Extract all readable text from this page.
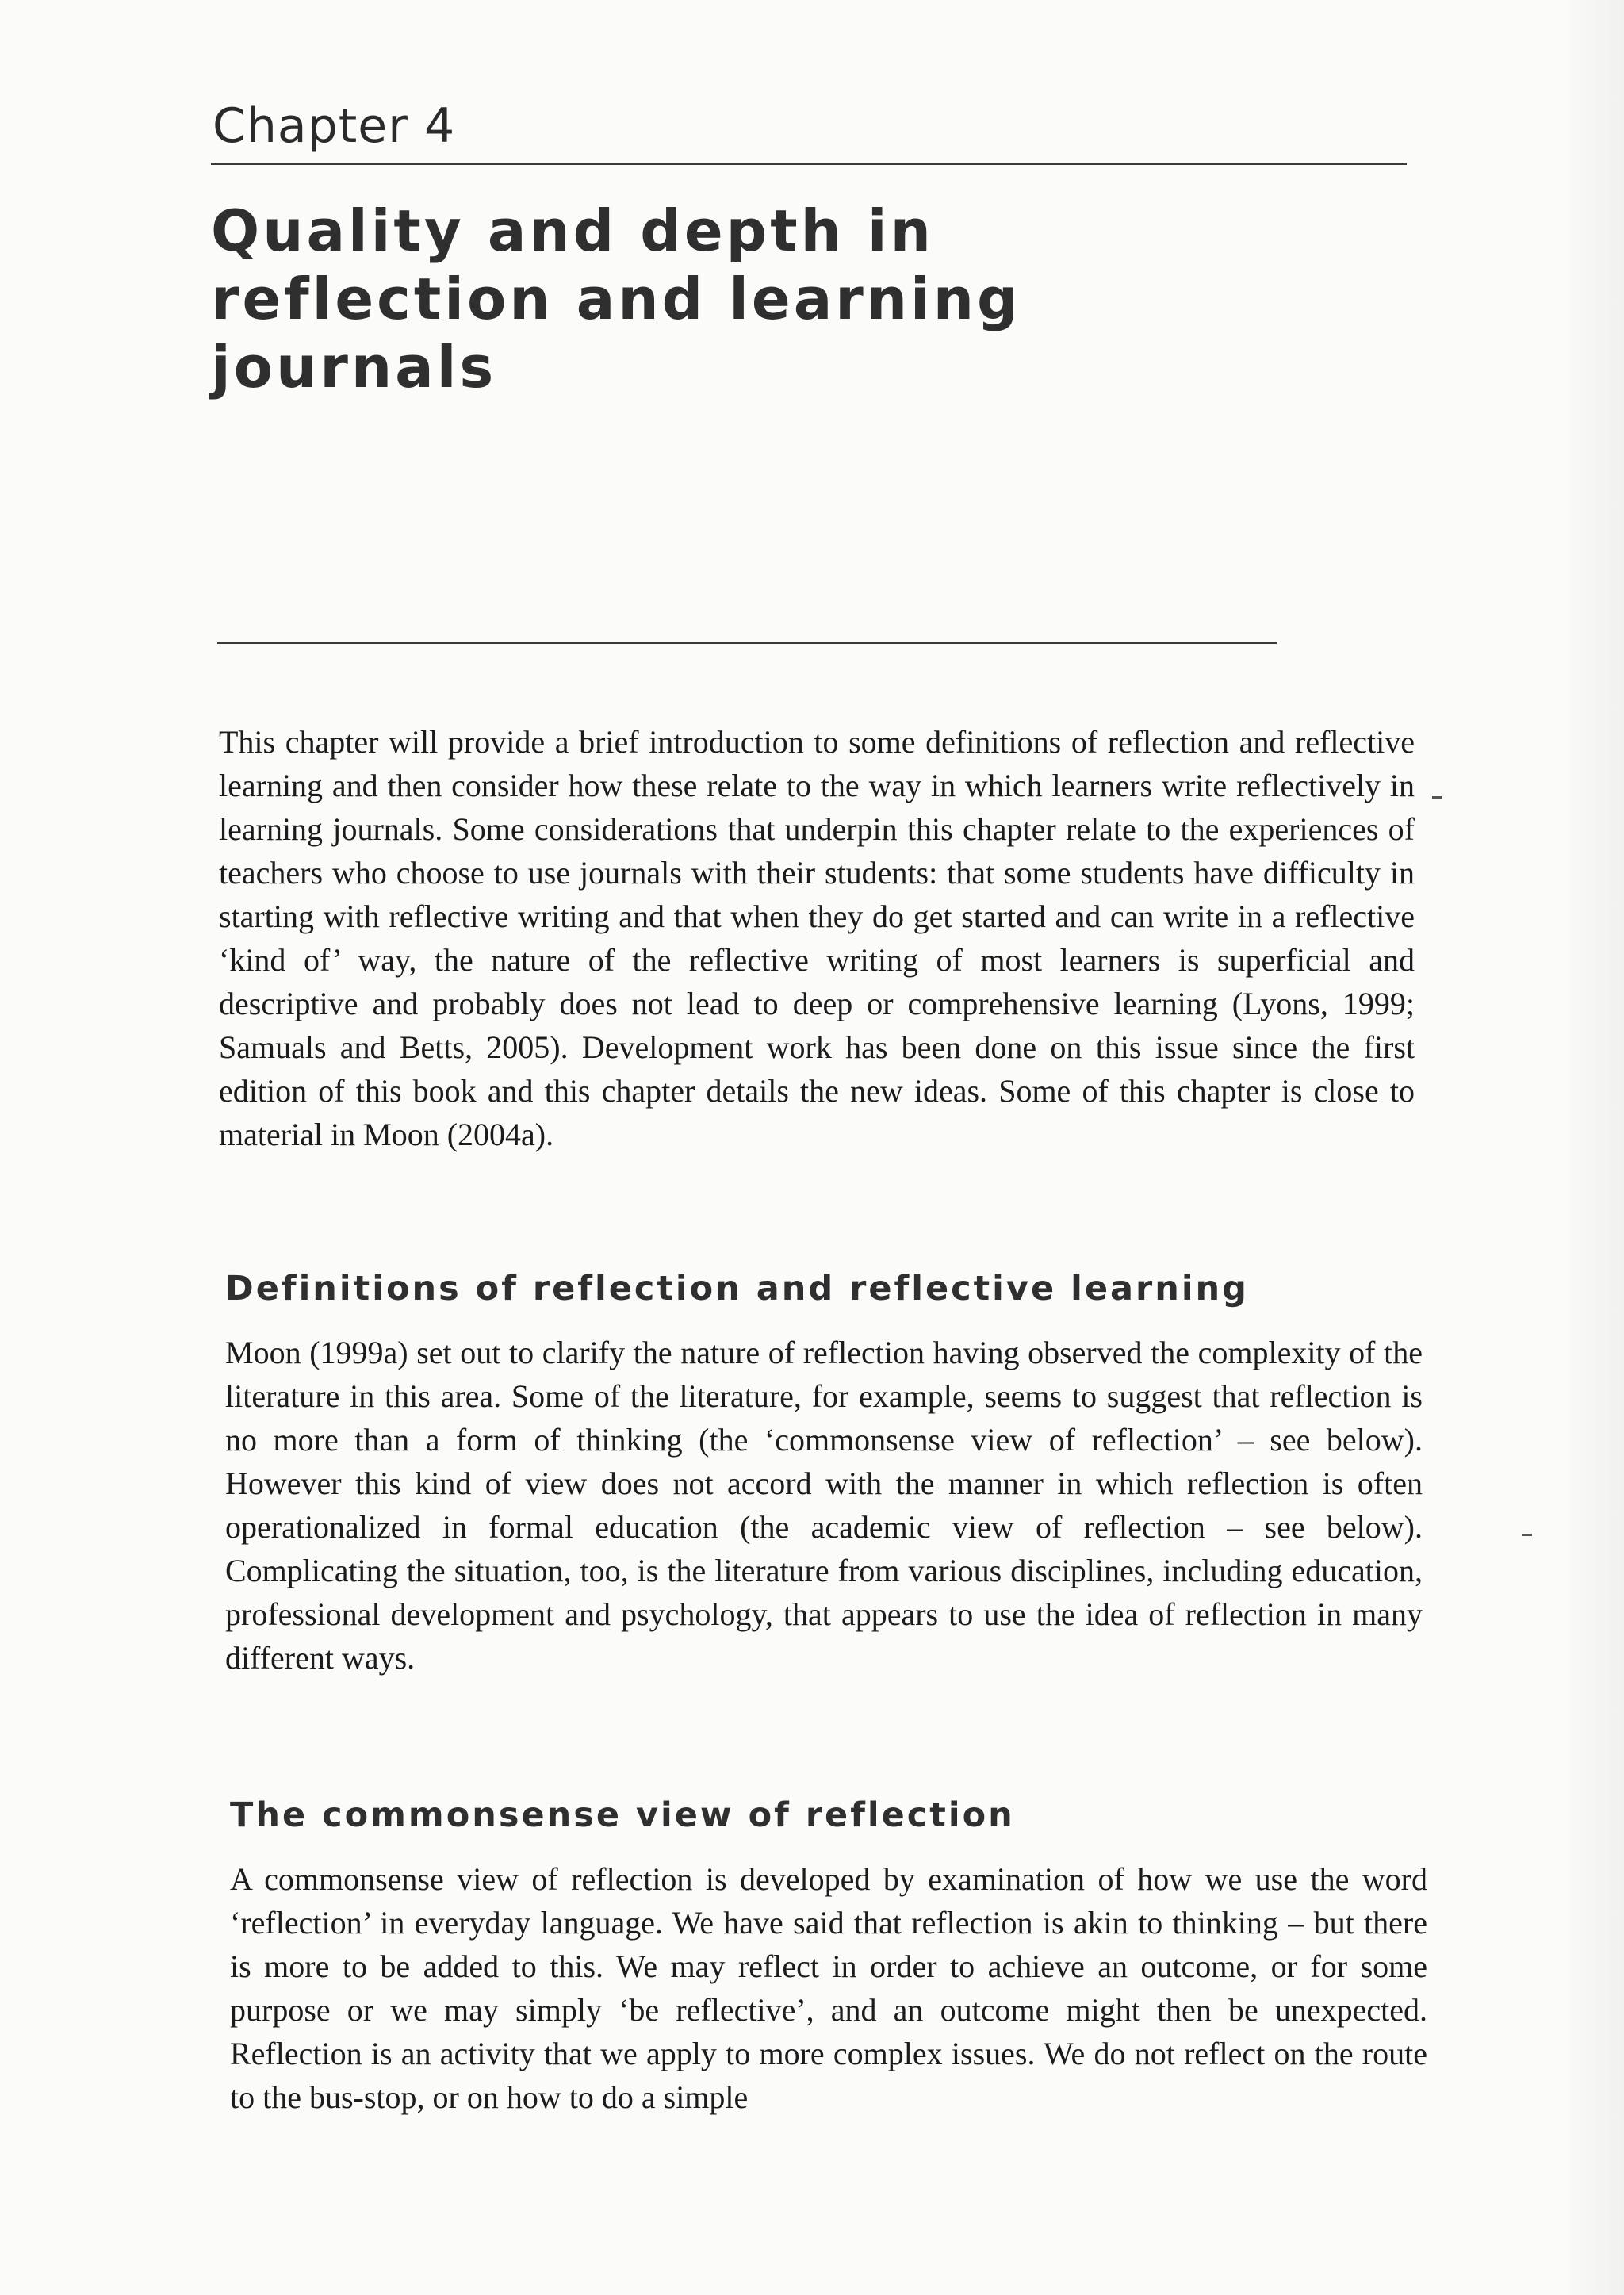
Chapter 4
Quality and depth in reflection and learning journals

This chapter will provide a brief introduction to some definitions of reflection and reflective learning and then consider how these relate to the way in which learners write reflectively in learning journals. Some considerations that underpin this chapter relate to the experiences of teachers who choose to use journals with their students: that some students have difficulty in starting with reflective writing and that when they do get started and can write in a reflective ‘kind of’ way, the nature of the reflective writing of most learners is superficial and descriptive and probably does not lead to deep or comprehensive learning (Lyons, 1999; Samuals and Betts, 2005). Development work has been done on this issue since the first edition of this book and this chapter details the new ideas. Some of this chapter is close to material in Moon (2004a).

Definitions of reflection and reflective learning

Moon (1999a) set out to clarify the nature of reflection having observed the complexity of the literature in this area. Some of the literature, for example, seems to suggest that reflection is no more than a form of thinking (the ‘commonsense view of reflection’ – see below). However this kind of view does not accord with the manner in which reflection is often operationalized in formal education (the academic view of reflection – see below). Complicating the situation, too, is the literature from various disciplines, including education, professional development and psychology, that appears to use the idea of reflection in many different ways.

The commonsense view of reflection

A commonsense view of reflection is developed by examination of how we use the word ‘reflection’ in everyday language. We have said that reflection is akin to thinking – but there is more to be added to this. We may reflect in order to achieve an outcome, or for some purpose or we may simply ‘be reflective’, and an outcome might then be unexpected. Reflection is an activity that we apply to more complex issues. We do not reflect on the route to the bus-stop, or on how to do a simple
